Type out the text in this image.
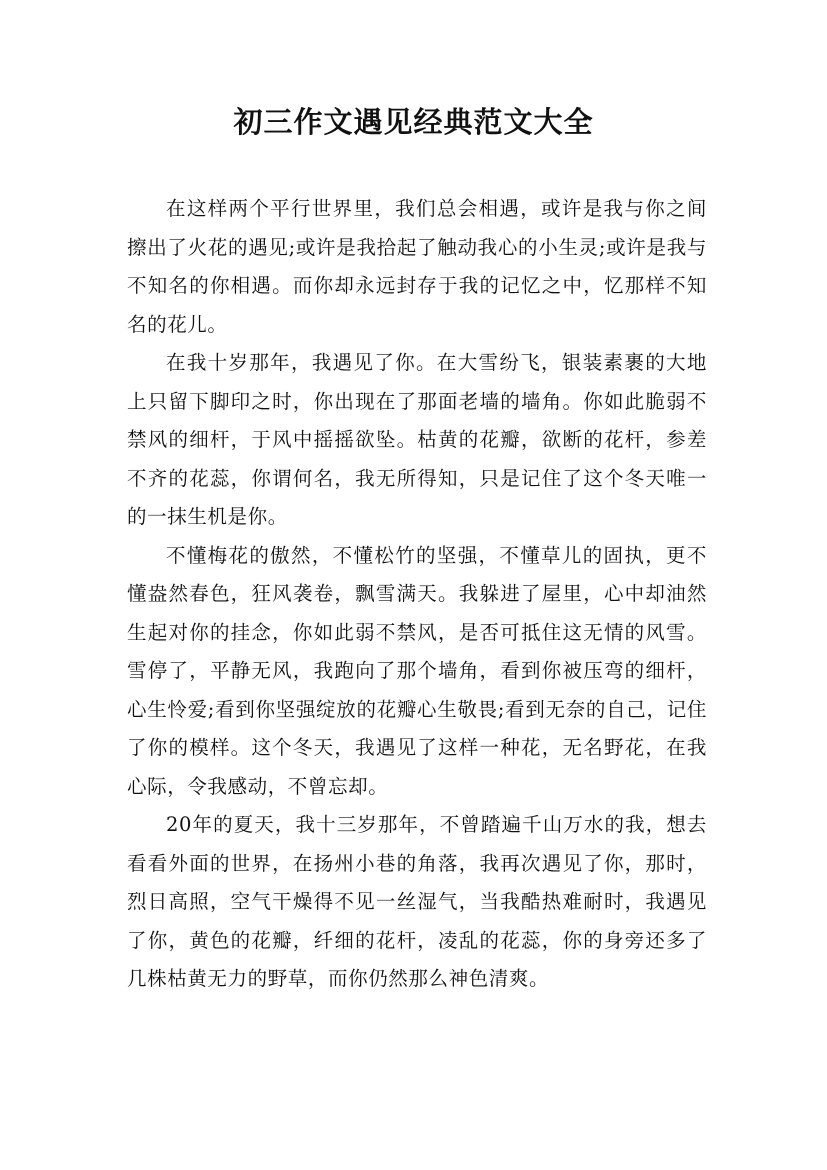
初三作文遇见经典范文大全

在这样两个平行世界里，我们总会相遇，或许是我与你之间擦出了火花的遇见;或许是我拾起了触动我心的小生灵;或许是我与不知名的你相遇。而你却永远封存于我的记忆之中，忆那样不知名的花儿。

在我十岁那年，我遇见了你。在大雪纷飞，银装素裹的大地上只留下脚印之时，你出现在了那面老墙的墙角。你如此脆弱不禁风的细杆，于风中摇摇欲坠。枯黄的花瓣，欲断的花杆，参差不齐的花蕊，你谓何名，我无所得知，只是记住了这个冬天唯一的一抹生机是你。

不懂梅花的傲然，不懂松竹的坚强，不懂草儿的固执，更不懂盎然春色，狂风袭卷，飘雪满天。我躲进了屋里，心中却油然生起对你的挂念，你如此弱不禁风，是否可抵住这无情的风雪。雪停了，平静无风，我跑向了那个墙角，看到你被压弯的细杆，心生怜爱;看到你坚强绽放的花瓣心生敬畏;看到无奈的自己，记住了你的模样。这个冬天，我遇见了这样一种花，无名野花，在我心际，令我感动，不曾忘却。

20年的夏天，我十三岁那年，不曾踏遍千山万水的我，想去看看外面的世界，在扬州小巷的角落，我再次遇见了你，那时，烈日高照，空气干燥得不见一丝湿气，当我酷热难耐时，我遇见了你，黄色的花瓣，纤细的花杆，凌乱的花蕊，你的身旁还多了几株枯黄无力的野草，而你仍然那么神色清爽。
